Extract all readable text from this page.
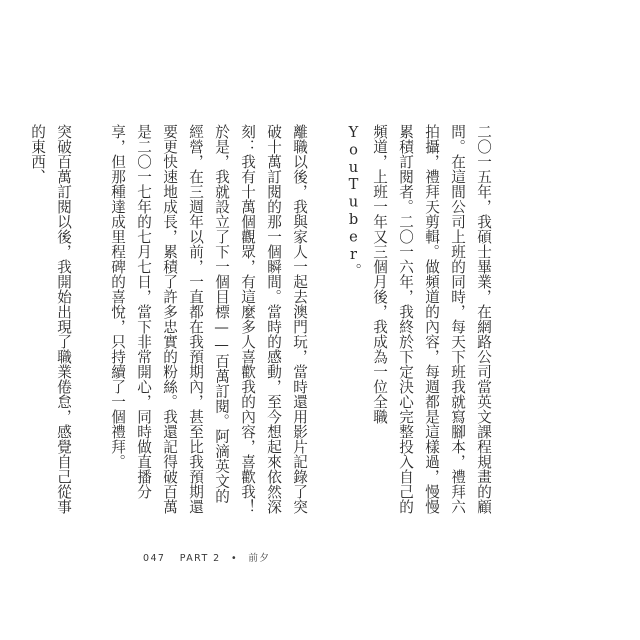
二〇一五年，我碩士畢業，在網路公司當英文課程規畫的顧問。在這間公司上班的同時，每天下班我就寫腳本，禮拜六拍攝，禮拜天剪輯。做頻道的內容，每週都是這樣過，慢慢累積訂閱者。二〇一六年，我終於下定決心完整投入自己的頻道，上班一年又三個月後，我成為一位全職 YouTuber。

離職以後，我與家人一起去澳門玩，當時還用影片記錄了突破十萬訂閱的那一個瞬間。當時的感動，至今想起來依然深刻：我有十萬個觀眾，有這麼多人喜歡我的內容，喜歡我！於是，我就設立了下一個目標——百萬訂閱。阿滴英文的經營，在三週年以前，一直都在我預期內，甚至比我預期還要更快速地成長，累積了許多忠實的粉絲。我還記得破百萬是二〇一七年的七月七日，當下非常開心，同時做直播分享，但那種達成里程碑的喜悅，只持續了一個禮拜。

突破百萬訂閱以後，我開始出現了職業倦怠，感覺自己從事的東西、

047 PART 2 • 前夕
